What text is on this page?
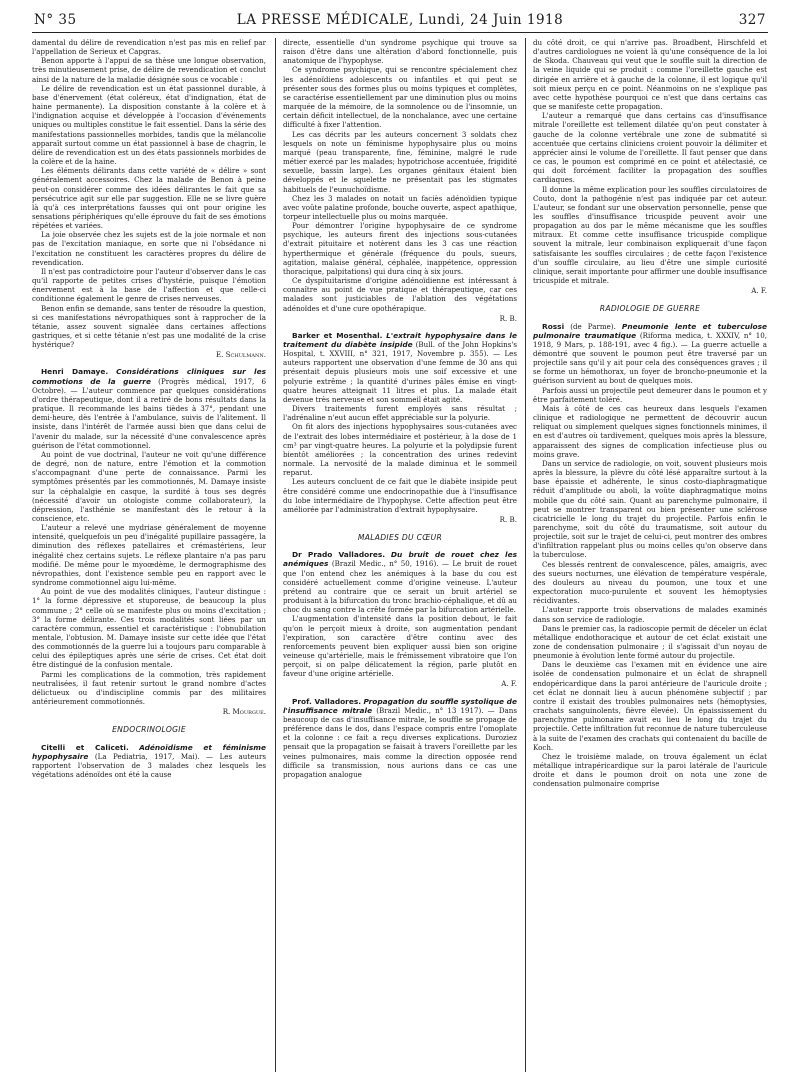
N° 35	LA PRESSE MÉDICALE, Lundi, 24 Juin 1918	327

damental du délire de revendication n'est pas mis en relief par l'appellation de Serieux et Capgras.

Benon apporte à l'appui de sa thèse une longue observation, très minutieusement prise, de délire de revendication et conclut ainsi de la nature de la maladie désignée sous ce vocable :

Le délire de revendication est un état passionnel durable, à base d'énervement (état coléreux, état d'indignation, état de haine permanente). La disposition constante à la colère et à l'indignation acquise et développée à l'occasion d'événements uniques ou multiples constitue le fait essentiel. Dans la série des manifestations passionnelles morbides, tandis que la mélancolie apparaît surtout comme un état passionnel à base de chagrin, le délire de revendication est un des états passionnels morbides de la colère et de la haine.

Les éléments délirants dans cette variété de « délire » sont généralement accessoires. Chez la malade de Benon à peine peut-on considérer comme des idées délirantes le fait que sa persécutrice agit sur elle par suggestion. Elle ne se livre guère là qu'à ces interprétations fausses qui ont pour origine les sensations périphériques qu'elle éprouve du fait de ses émotions répétées et variées.

La joie observée chez les sujets est de la joie normale et non pas de l'excitation maniaque, en sorte que ni l'obsédance ni l'excitation ne constituent les caractères propres du délire de revendication.

Il n'est pas contradictoire pour l'auteur d'observer dans le cas qu'il rapporte de petites crises d'hystérie, puisque l'émotion énervement est à la base de l'affection et que celle-ci conditionne également le genre de crises nerveuses.

Benon enfin se demande, sans tenter de résoudre la question, si ces manifestations névropathiques sont à rapprocher de la tétanie, assez souvent signalée dans certaines affections gastriques, et si cette tétanie n'est pas une modalité de la crise hystérique?

E. Schulmann.

Henri Damaye. Considérations cliniques sur les commotions de la guerre (Progrès médical, 1917, 6 Octobre). — L'auteur commence par quelques considérations d'ordre thérapeutique, dont il a retiré de bons résultats dans la pratique. Il recommande les bains tièdes à 37°, pendant une demi-heure, dès l'entrée à l'ambulance, suivis de l'alitement. Il insiste, dans l'intérêt de l'armée aussi bien que dans celui de l'avenir du malade, sur la nécessité d'une convalescence après guérison de l'état commotionnel.

Au point de vue doctrinal, l'auteur ne voit qu'une différence de degré, non de nature, entre l'émotion et la commotion s'accompagnant d'une perte de connaissance. Parmi les symptômes présentés par les commotionnés, M. Damaye insiste sur la céphalalgie en casque, la surdité à tous ses degrés (nécessité d'avoir un otologiste comme collaborateur), la dépression, l'asthénie se manifestant dès le retour à la conscience, etc.

L'auteur a relevé une mydriase généralement de moyenne intensité, quelquefois un peu d'inégalité pupillaire passagère, la diminution des réflexes patellaires et crémastériens, leur inégalité chez certains sujets. Le réflexe plantaire n'a pas paru modifié. De même pour le myoœdème, le dermographisme des névropathies, dont l'existence semble peu en rapport avec le syndrome commotionnel aigu lui-même.

Au point de vue des modalités cliniques, l'auteur distingue : 1° la forme dépressive et stuporeuse, de beaucoup la plus commune ; 2° celle où se manifeste plus ou moins d'excitation ; 3° la forme délirante. Ces trois modalités sont liées par un caractère commun, essentiel et caractéristique : l'obnubilation mentale, l'obtusion. M. Damaye insiste sur cette idée que l'état des commotionnés de la guerre lui a toujours paru comparable à celui des épileptiques après une série de crises. Cet état doit être distingué de la confusion mentale.

Parmi les complications de la commotion, très rapidement neutralisées, il faut retenir surtout le grand nombre d'actes délictueux ou d'indiscipline commis par des militaires antérieurement commotionnés.

R. Mourgue.

ENDOCRINOLOGIE

Citelli et Caliceti. Adénoïdisme et féminisme hypophysaire (La Pediatria, 1917, Mai). — Les auteurs rapportent l'observation de 3 malades chez lesquels les végétations adénoïdes ont été la cause

directe, essentielle d'un syndrome psychique qui trouve sa raison d'être dans une altération d'abord fonctionnelle, puis anatomique de l'hypophyse.

Ce syndrome psychique, qui se rencontre spécialement chez les adénoïdiens adolescents ou infantiles et qui peut se présenter sous des formes plus ou moins typiques et complètes, se caractérise essentiellement par une diminution plus ou moins marquée de la mémoire, de la somnolence ou de l'insomnie, un certain déficit intellectuel, de la nonchalance, avec une certaine difficulté à fixer l'attention.

Les cas décrits par les auteurs concernent 3 soldats chez lesquels on note un féminisme hypophysaire plus ou moins marqué (peau transparente, fine, féminine, malgré le rude métier exercé par les malades; hypotrichose accentuée, frigidité sexuelle, bassin large). Les organes génitaux étaient bien développés et le squelette ne présentait pas les stigmates habituels de l'eunuchoïdisme.

Chez les 3 malades on notait un faciès adénoïdien typique avec voûte palatine profonde, bouche ouverte, aspect apathique, torpeur intellectuelle plus ou moins marquée.

Pour démontrer l'origine hypophysaire de ce syndrome psychique, les auteurs firent des injections sous-cutanées d'extrait pituitaire et notèrent dans les 3 cas une réaction hyperthermique et générale (fréquence du pouls, sueurs, agitation, malaise général, céphalée, inappétence, oppression thoracique, palpitations) qui dura cinq à six jours.

Ce dyspituitarisme d'origine adénoïdienne est intéressant à connaître au point de vue pratique et thérapeutique, car ces malades sont justiciables de l'ablation des végétations adénoïdes et d'une cure opothérapique.

R. B.

Barker et Mosenthal. L'extrait hypophysaire dans le traitement du diabète insipide (Bull. of the John Hopkins's Hospital, t. XXVIII, n° 321, 1917, Novembre p. 355). — Les auteurs rapportent une observation d'une femme de 30 ans qui présentait depuis plusieurs mois une soif excessive et une polyurie extrême ; la quantité d'urines pâles émise en vingt-quatre heures atteignait 11 litres et plus. La malade était devenue très nerveuse et son sommeil était agité.

Divers traitements furent employés sans résultat ; l'adrénaline n'eut aucun effet appréciable sur la polyurie.

On fit alors des injections hypophysaires sous-cutanées avec de l'extrait des lobes intermédiaire et postérieur, à la dose de 1 cm³ par vingt-quatre heures. La polyurie et la polydipsie furent bientôt améliorées ; la concentration des urines redevint normale. La nervosité de la malade diminua et le sommeil reparut.

Les auteurs concluent de ce fait que le diabète insipide peut être considéré comme une endocrinopathie due à l'insuffisance du lobe intermédiaire de l'hypophyse. Cette affection peut être améliorée par l'administration d'extrait hypophysaire.

R. B.

MALADIES DU CŒUR

Dr Prado Valladores. Du bruit de rouet chez les anémiques (Brazil Medic., n° 50, 1916). — Le bruit de rouet que l'on entend chez les anémiques à la base du cou est considéré actuellement comme d'origine veineuse. L'auteur prétend au contraire que ce serait un bruit artériel se produisant à la bifurcation du tronc brachio-céphalique, et dû au choc du sang contre la crête formée par la bifurcation artérielle.

L'augmentation d'intensité dans la position debout, le fait qu'on le perçoit mieux à droite, son augmentation pendant l'expiration, son caractère d'être continu avec des renforcements peuvent bien expliquer aussi bien son origine veineuse qu'artérielle, mais le frémissement vibratoire que l'on perçoit, si on palpe délicatement la région, parle plutôt en faveur d'une origine artérielle.

A. F.

Prof. Valladores. Propagation du souffle systolique de l'insuffisance mitrale (Brazil Medic., n° 13 1917). — Dans beaucoup de cas d'insuffisance mitrale, le souffle se propage de préférence dans le dos, dans l'espace compris entre l'omoplate et la colonne : ce fait a reçu diverses explications. Duroziez pensait que la propagation se faisait à travers l'oreillette par les veines pulmonaires, mais comme la direction opposée rend difficile sa transmission, nous aurions dans ce cas une propagation analogue

du côté droit, ce qui n'arrive pas. Broadbent, Hirschfeld et d'autres cardiologues ne voient là qu'une conséquence de la loi de Skoda. Chauveau qui veut que le souffle suit la direction de la veine liquide qui se produit : comme l'oreillette gauche est dirigée en arrière et à gauche de la colonne, il est logique qu'il soit mieux perçu en ce point. Néanmoins on ne s'explique pas avec cette hypothèse pourquoi ce n'est que dans certains cas que se manifeste cette propagation.

L'auteur a remarqué que dans certains cas d'insuffisance mitrale l'oreillette est tellement dilatée qu'on peut constater à gauche de la colonne vertébrale une zone de submatité si accentuée que certains cliniciens croient pouvoir la délimiter et apprécier ainsi le volume de l'oreillette. Il faut penser que dans ce cas, le poumon est comprimé en ce point et atélectasié, ce qui doit forcément faciliter la propagation des souffles cardiaques.

Il donne la même explication pour les souffles circulatoires de Couto, dont la pathogénie n'est pas indiquée par cet auteur. L'auteur, se fondant sur une observation personnelle, pense que les souffles d'insuffisance tricuspide peuvent avoir une propagation au dos par le même mécanisme que les souffles mitraux. Et comme cette insuffisance tricuspide complique souvent la mitrale, leur combinaison expliquerait d'une façon satisfaisante les souffles circulaires ; de cette façon l'existence d'un souffle circulaire, au lieu d'être une simple curiosité clinique, serait importante pour affirmer une double insuffisance tricuspide et mitrale.

A. F.

RADIOLOGIE DE GUERRE

Rossi (de Parme). Pneumonie lente et tuberculose pulmonaire traumatique (Riforma medica, t. XXXIV, n° 10, 1918, 9 Mars, p. 188-191, avec 4 fig.). — La guerre actuelle a démontré que souvent le poumon peut être traversé par un projectile sans qu'il y ait pour cela des conséquences graves ; il se forme un hémothorax, un foyer de broncho-pneumonie et la guérison survient au bout de quelques mois.

Parfois aussi un projectile peut demeurer dans le poumon et y être parfaitement toléré.

Mais à côté de ces cas heureux dans lesquels l'examen clinique et radiologique ne permettent de découvrir aucun reliquat ou simplement quelques signes fonctionnels minimes, il en est d'autres où tardivement, quelques mois après la blessure, apparaissent des signes de complication infectieuse plus ou moins grave.

Dans un service de radiologie, on voit, souvent plusieurs mois après la blessure, la plèvre du côté lésé apparaître surtout à la base épaissie et adhérente, le sinus costo-diaphragmatique réduit d'amplitude ou aboli, la voûte diaphragmatique moins mobile que du côté sain. Quant au parenchyme pulmonaire, il peut se montrer transparent ou bien présenter une sclérose cicatricielle le long du trajet du projectile. Parfois enfin le parenchyme, soit du côté du traumatisme, soit autour du projectile, soit sur le trajet de celui-ci, peut montrer des ombres d'infiltration rappelant plus ou moins celles qu'on observe dans la tuberculose.

Ces blessés rentrent de convalescence, pâles, amaigris, avec des sueurs nocturnes, une élévation de température vespérale, des douleurs au niveau du poumon, une toux et une expectoration muco-purulente et souvent les hémoptysies récidivantes.

L'auteur rapporte trois observations de malades examinés dans son service de radiologie.

Dans le premier cas, la radioscopie permit de déceler un éclat métallique endothoracique et autour de cet éclat existait une zone de condensation pulmonaire ; il s'agissait d'un noyau de pneumonie à évolution lente formé autour du projectile.

Dans le deuxième cas l'examen mit en évidence une aire isolée de condensation pulmonaire et un éclat de shrapnell endopéricardique dans la paroi antérieure de l'auricule droite ; cet éclat ne donnait lieu à aucun phénomène subjectif ; par contre il existait des troubles pulmonaires nets (hémoptysies, crachats sanguinolents, fièvre élevée). Un épaississement du parenchyme pulmonaire avait eu lieu le long du trajet du projectile. Cette infiltration fut reconnue de nature tuberculeuse à la suite de l'examen des crachats qui contenaient du bacille de Koch.

Chez le troisième malade, on trouva également un éclat métallique intrapéricardique sur la paroi latérale de l'auricule droite et dans le poumon droit on nota une zone de condensation pulmonaire comprise
